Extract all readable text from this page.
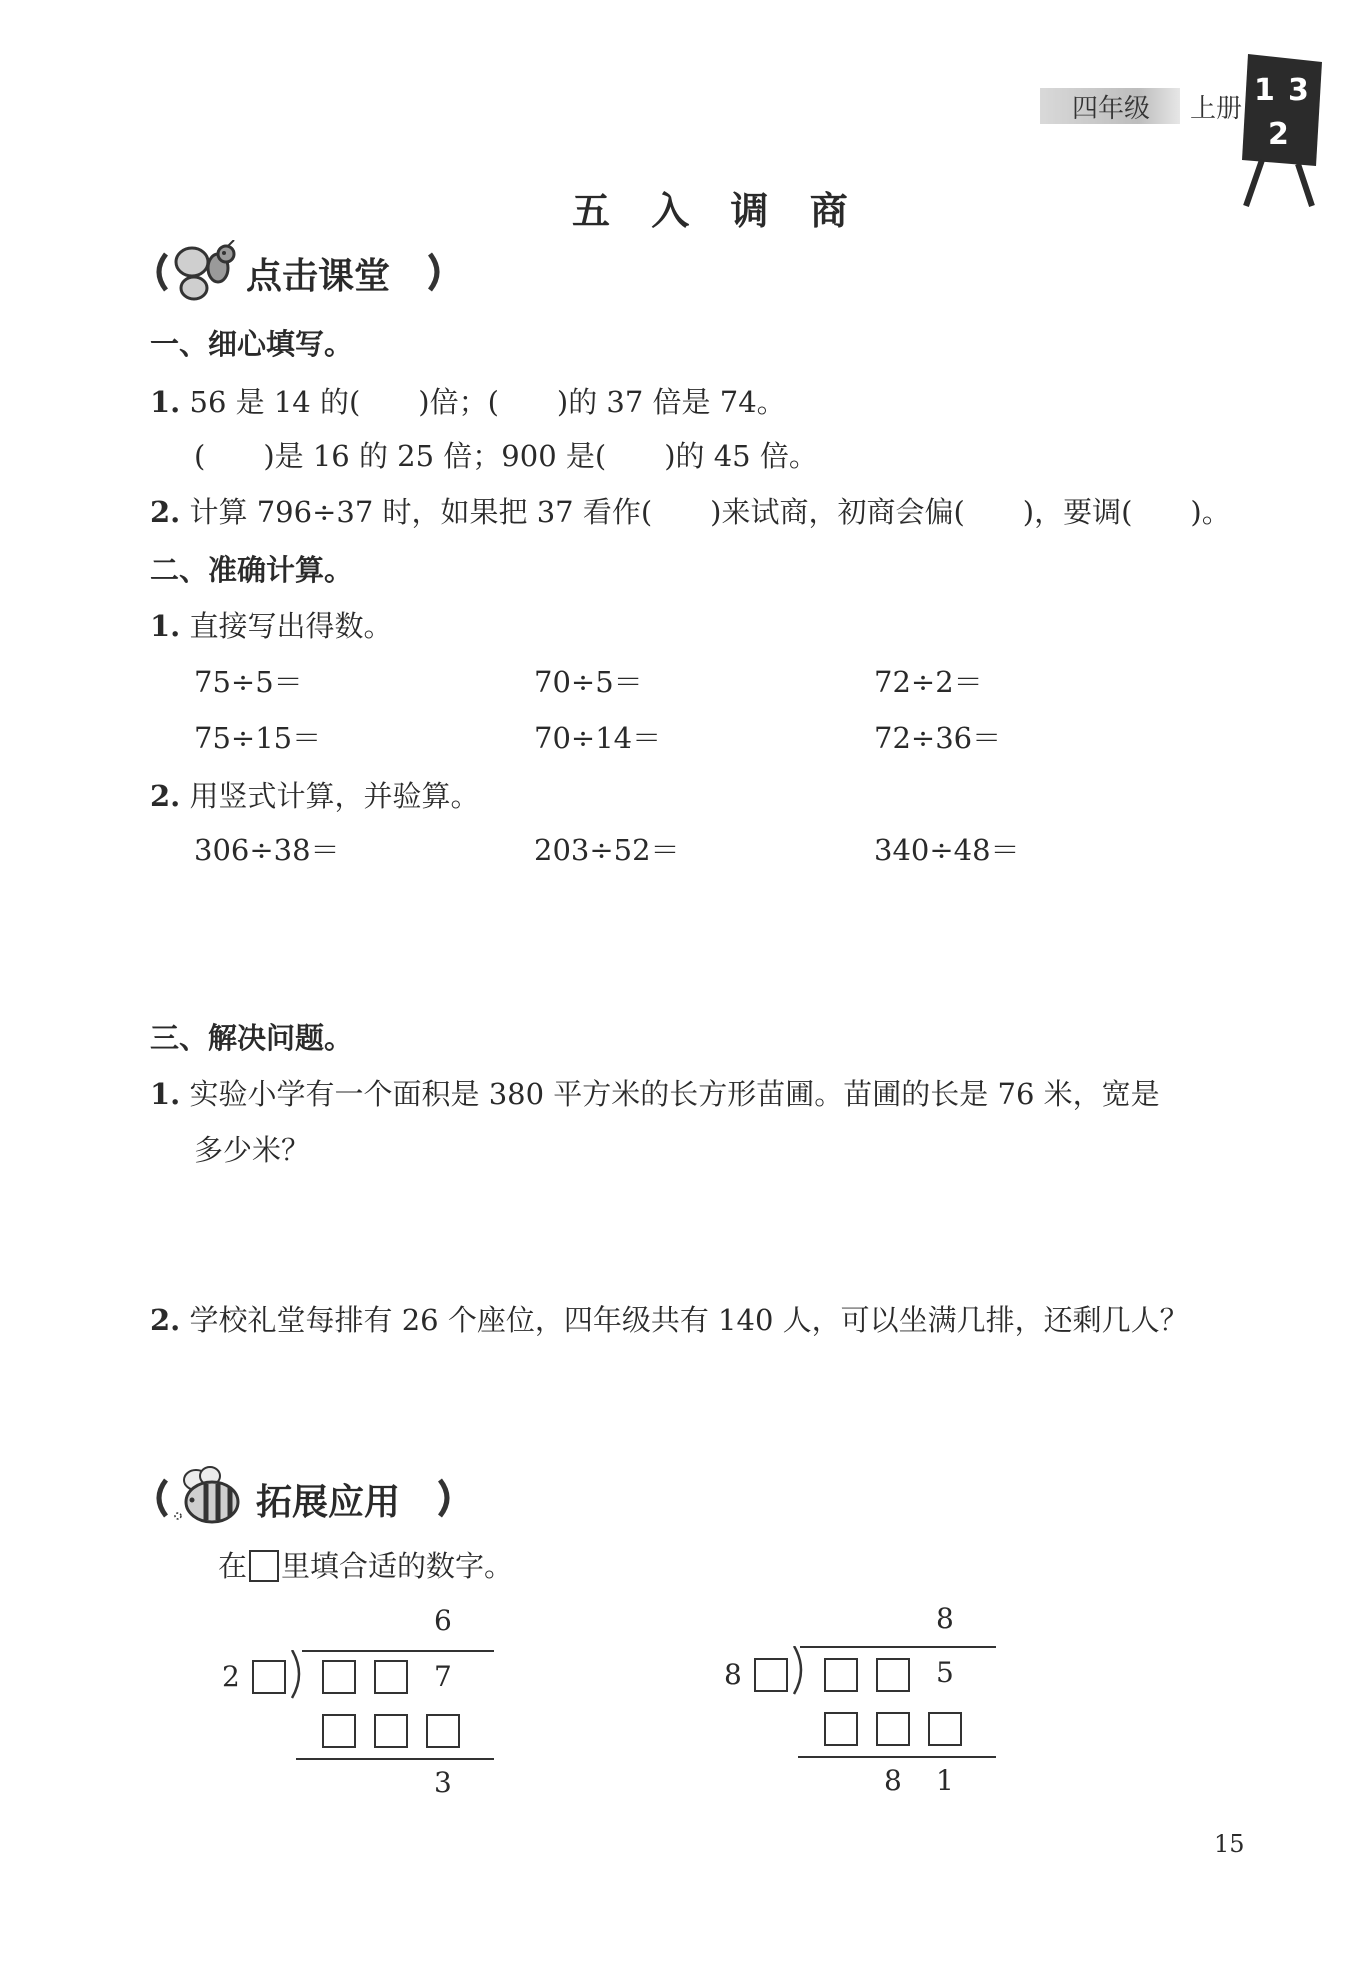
四年级 上册
1 3
2
五 入 调 商
点击课堂
一、细心填写。
1. 56 是 14 的(　　)倍；(　　)的 37 倍是 74。
(　　)是 16 的 25 倍；900 是(　　)的 45 倍。
2. 计算 796÷37 时，如果把 37 看作(　　)来试商，初商会偏(　　)，要调(　　)。
二、准确计算。
1. 直接写出得数。
75÷5＝	70÷5＝	72÷2＝
75÷15＝	70÷14＝	72÷36＝
2. 用竖式计算，并验算。
306÷38＝	203÷52＝	340÷48＝
三、解决问题。
1. 实验小学有一个面积是 380 平方米的长方形苗圃。苗圃的长是 76 米，宽是
多少米？
2. 学校礼堂每排有 26 个座位，四年级共有 140 人，可以坐满几排，还剩几人？
拓展应用
在 里填合适的数字。
6
2	7
3
8
8	5
8 1
15
